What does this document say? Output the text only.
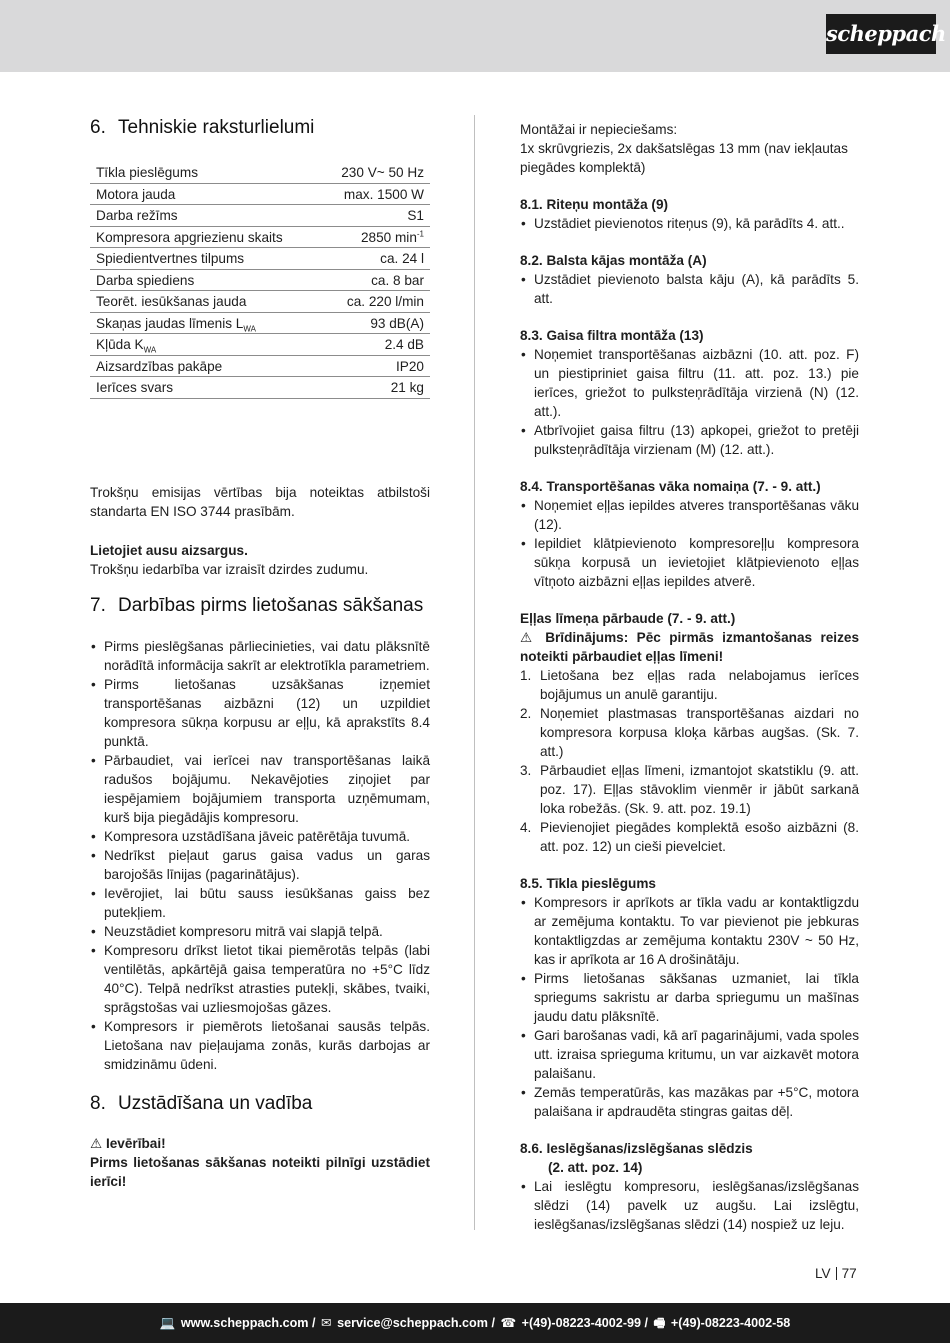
scheppach
6. Tehniskie raksturlielumi
Tīkla pieslēgums	230 V~ 50 Hz
Motora jauda	max. 1500 W
Darba režīms	S1
Kompresora apgriezienu skaits	2850 $\min^{-1}$
Spiedientvertnes tilpums	ca. 24 l
Darba spiediens	ca. 8 bar
Teorēt. iesūkšanas jauda	ca. 220 l/min
Skaņas jaudas līmenis $L_{WA}$	93 dB(A)
Kļūda $K_{WA}$	2.4 dB
Aizsardzības pakāpe	IP20
Ierīces svars	21 kg

Trokšņu emisijas vērtības bija noteiktas atbilstoši standarta EN ISO 3744 prasībām.

Lietojiet ausu aizsargus.

Trokšņu iedarbība var izraisīt dzirdes zudumu.

7. Darbības pirms lietošanas sākšanas
• Pirms pieslēgšanas pārliecinieties, vai datu plāksnītē norādītā informācija sakrīt ar elektrotīkla parametriem.
• Pirms lietošanas uzsākšanas izņemiet transportēšanas aizbāzni (12) un uzpildiet kompresora sūkņa korpusu ar eļļu, kā aprakstīts 8.4 punktā.
• Pārbaudiet, vai ierīcei nav transportēšanas laikā radušos bojājumu. Nekavējoties ziņojiet par iespējamiem bojājumiem transporta uzņēmumam, kurš bija piegādājis kompresoru.
• Kompresora uzstādīšana jāveic patērētāja tuvumā.
• Nedrīkst pieļaut garus gaisa vadus un garas barojošās līnijas (pagarinātājus).
• Ievērojiet, lai būtu sauss iesūkšanas gaiss bez putekļiem.
• Neuzstādiet kompresoru mitrā vai slapjā telpā.
• Kompresoru drīkst lietot tikai piemērotās telpās (labi ventilētās, apkārtējā gaisa temperatūra no +5°C līdz 40°C). Telpā nedrīkst atrasties putekļi, skābes, tvaiki, sprāgstošas vai uzliesmojošas gāzes.
• Kompresors ir piemērots lietošanai sausās telpās. Lietošana nav pieļaujama zonās, kurās darbojas ar smidzināmu ūdeni.
8. Uzstādīšana un vadība

⚠ Ievērībai!

Pirms lietošanas sākšanas noteikti pilnīgi uzstādiet ierīci!

Montāžai ir nepieciešams:

1x skrūvgriezis, 2x dakšatslēgas 13 mm (nav iekļautas piegādes komplektā)

8.1. Riteņu montāža (9)

• Uzstādiet pievienotos riteņus (9), kā parādīts 4. att..

8.2. Balsta kājas montāža (A)

• Uzstādiet pievienoto balsta kāju (A), kā parādīts 5. att.

8.3. Gaisa filtra montāža (13)

• Noņemiet transportēšanas aizbāzni (10. att. poz. F) un piestipriniet gaisa filtru (11. att. poz. 13.) pie ierīces, griežot to pulksteņrādītāja virzienā (N) (12. att.).
• Atbrīvojiet gaisa filtru (13) apkopei, griežot to pretēji pulksteņrādītāja virzienam (M) (12. att.).

8.4. Transportēšanas vāka nomaiņa (7. - 9. att.)

• Noņemiet eļļas iepildes atveres transportēšanas vāku (12).
• Iepildiet klātpievienoto kompresoreļļu kompresora sūkņa korpusā un ievietojiet klātpievienoto eļļas vītņoto aizbāzni eļļas iepildes atverē.

Eļļas līmeņa pārbaude (7. - 9. att.)

⚠ Brīdinājums: Pēc pirmās izmantošanas reizes noteikti pārbaudiet eļļas līmeni!

1. Lietošana bez eļļas rada nelabojamus ierīces bojājumus un anulē garantiju.
2. Noņemiet plastmasas transportēšanas aizdari no kompresora korpusa kloķa kārbas augšas. (Sk. 7. att.)
3. Pārbaudiet eļļas līmeni, izmantojot skatstiklu (9. att. poz. 17). Eļļas stāvoklim vienmēr ir jābūt sarkanā loka robežās. (Sk. 9. att. poz. 19.1)
4. Pievienojiet piegādes komplektā esošo aizbāzni (8. att. poz. 12) un cieši pievelciet.

8.5. Tīkla pieslēgums

• Kompresors ir aprīkots ar tīkla vadu ar kontaktligzdu ar zemējuma kontaktu. To var pievienot pie jebkuras kontaktligzdas ar zemējuma kontaktu 230V ~ 50 Hz, kas ir aprīkota ar 16 A drošinātāju.
• Pirms lietošanas sākšanas uzmaniet, lai tīkla spriegums sakristu ar darba spriegumu un mašīnas jaudu datu plāksnītē.
• Gari barošanas vadi, kā arī pagarinājumi, vada spoles utt. izraisa sprieguma kritumu, un var aizkavēt motora palaišanu.
• Zemās temperatūrās, kas mazākas par +5°C, motora palaišana ir apdraudēta stingras gaitas dēļ.

8.6. Ieslēgšanas/izslēgšanas slēdzis

(2. att. poz. 14)

• Lai ieslēgtu kompresoru, ieslēgšanas/izslēgšanas slēdzi (14) pavelk uz augšu. Lai izslēgtu, ieslēgšanas/izslēgšanas slēdzi (14) nospiež uz leju.
LV 77
💻 www.scheppach.com / ✉ service@scheppach.com / ☎ +(49)-08223-4002-99 / 🖷 +(49)-08223-4002-58
